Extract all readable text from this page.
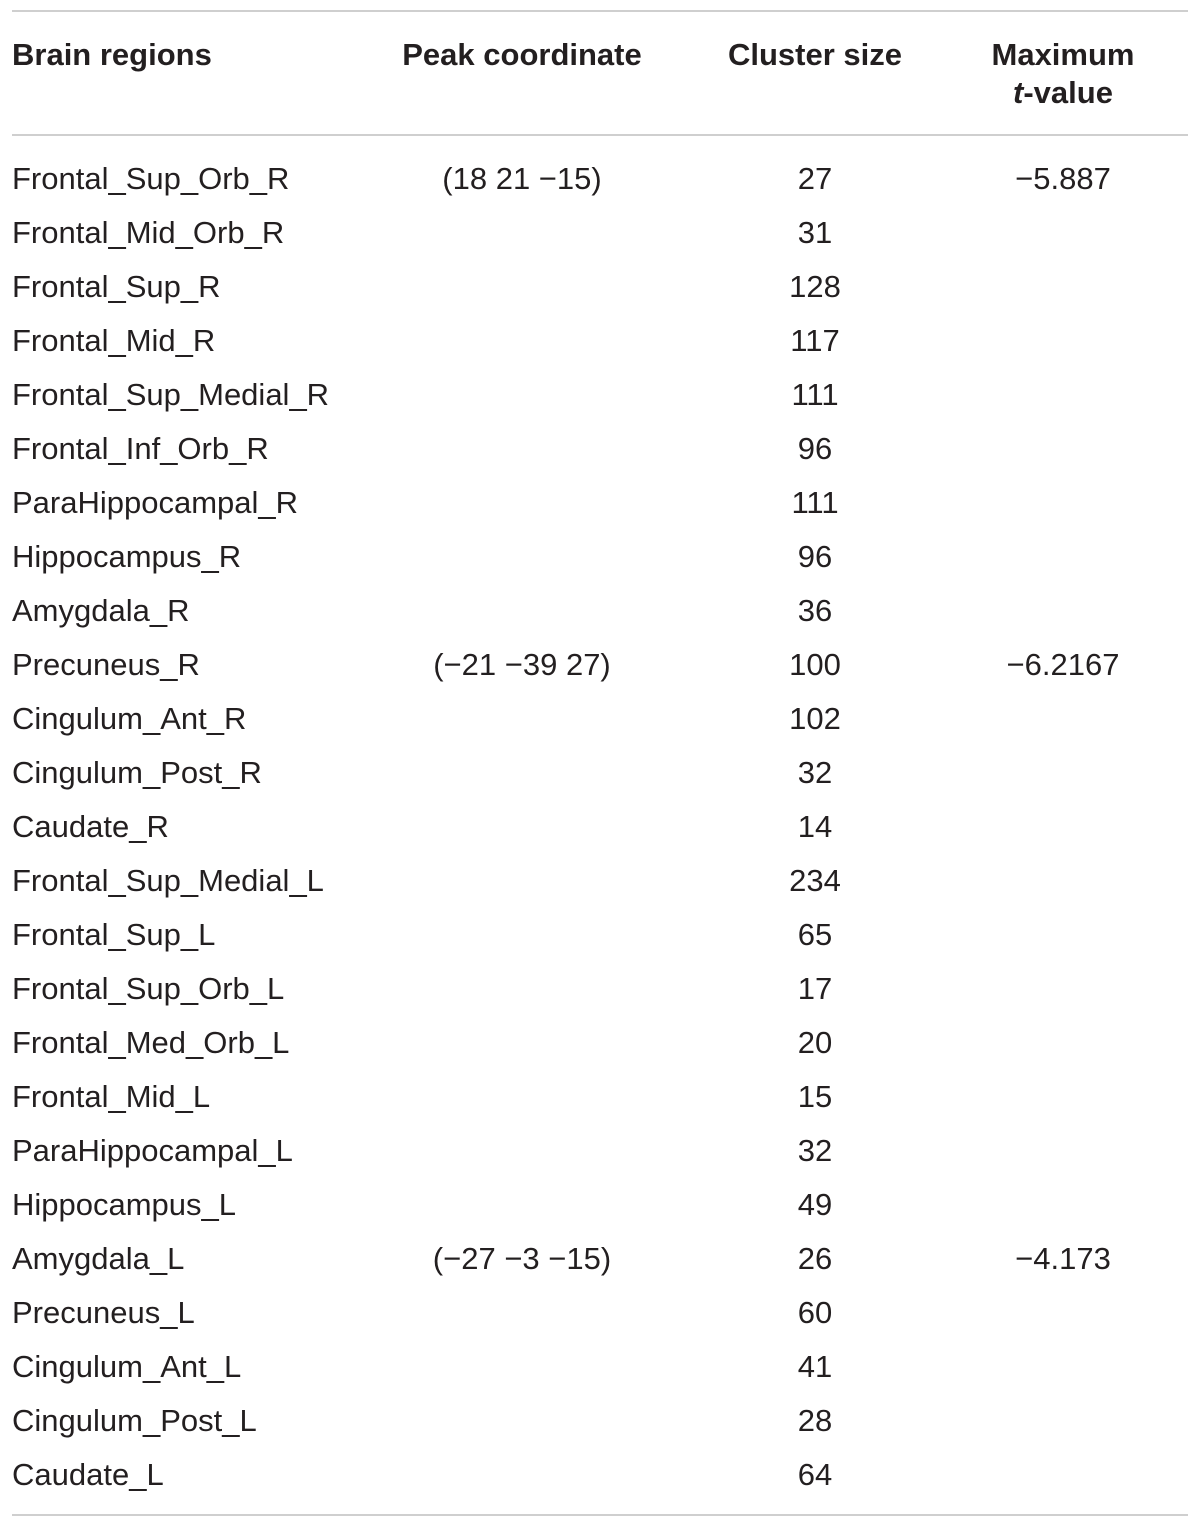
Brain regions	Peak coordinate	Cluster size	Maximum
t-value
Frontal_Sup_Orb_R	(18 21 −15)	27	−5.887
Frontal_Mid_Orb_R		31	
Frontal_Sup_R		128	
Frontal_Mid_R		117	
Frontal_Sup_Medial_R		111	
Frontal_Inf_Orb_R		96	
ParaHippocampal_R		111	
Hippocampus_R		96	
Amygdala_R		36	
Precuneus_R	(−21 −39 27)	100	−6.2167
Cingulum_Ant_R		102	
Cingulum_Post_R		32	
Caudate_R		14	
Frontal_Sup_Medial_L		234	
Frontal_Sup_L		65	
Frontal_Sup_Orb_L		17	
Frontal_Med_Orb_L		20	
Frontal_Mid_L		15	
ParaHippocampal_L		32	
Hippocampus_L		49	
Amygdala_L	(−27 −3 −15)	26	−4.173
Precuneus_L		60	
Cingulum_Ant_L		41	
Cingulum_Post_L		28	
Caudate_L		64	
